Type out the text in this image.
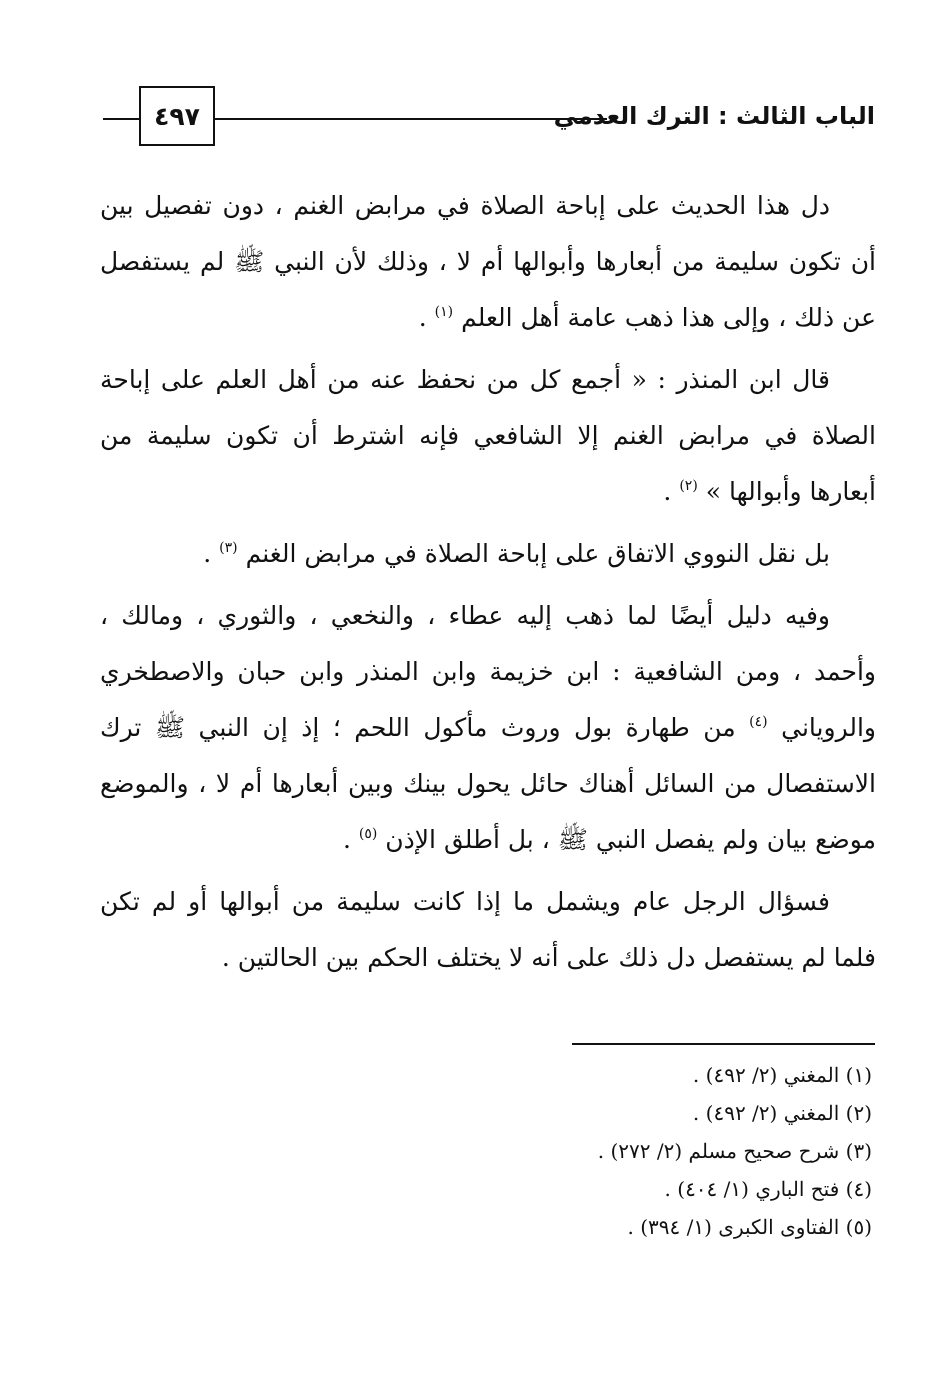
الباب الثالث : الترك العدمي
٤٩٧

دل هذا الحديث على إباحة الصلاة في مرابض الغنم ، دون تفصيل بين أن تكون سليمة من أبعارها وأبوالها أم لا ، وذلك لأن النبي ﷺ لم يستفصل عن ذلك ، وإلى هذا ذهب عامة أهل العلم $^{(١)}$ .

قال ابن المنذر : « أجمع كل من نحفظ عنه من أهل العلم على إباحة الصلاة في مرابض الغنم إلا الشافعي فإنه اشترط أن تكون سليمة من أبعارها وأبوالها » $^{(٢)}$ .

بل نقل النووي الاتفاق على إباحة الصلاة في مرابض الغنم $^{(٣)}$ .

وفيه دليل أيضًا لما ذهب إليه عطاء ، والنخعي ، والثوري ، ومالك ، وأحمد ، ومن الشافعية : ابن خزيمة وابن المنذر وابن حبان والاصطخري والروياني $^{(٤)}$ من طهارة بول وروث مأكول اللحم ؛ إذ إن النبي ﷺ ترك الاستفصال من السائل أهناك حائل يحول بينك وبين أبعارها أم لا ، والموضع موضع بيان ولم يفصل النبي ﷺ ، بل أطلق الإذن $^{(٥)}$ .

فسؤال الرجل عام ويشمل ما إذا كانت سليمة من أبوالها أو لم تكن فلما لم يستفصل دل ذلك على أنه لا يختلف الحكم بين الحالتين .

(١) المغني (٢/ ٤٩٢) .
(٢) المغني (٢/ ٤٩٢) .
(٣) شرح صحيح مسلم (٢/ ٢٧٢) .
(٤) فتح الباري (١/ ٤٠٤) .
(٥) الفتاوى الكبرى (١/ ٣٩٤) .
